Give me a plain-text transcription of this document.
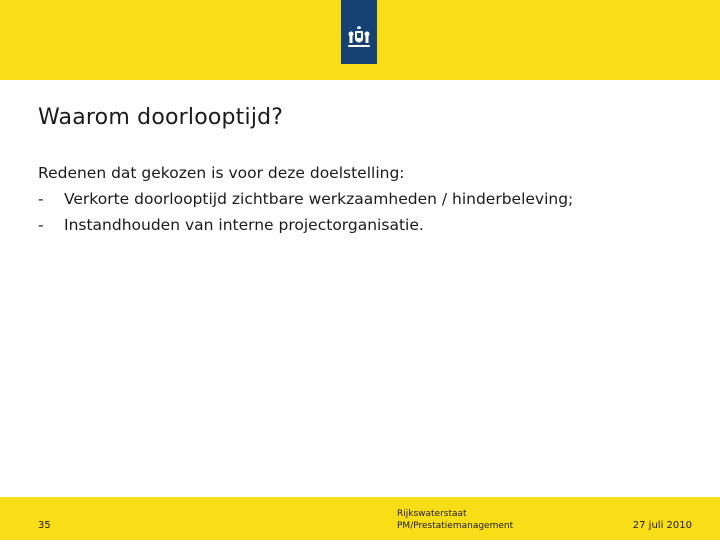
Waarom doorlooptijd?
Redenen dat gekozen is voor deze doelstelling:
-	Verkorte doorlooptijd zichtbare werkzaamheden / hinderbeleving;
-	Instandhouden van interne projectorganisatie.
35
Rijkswaterstaat
PM/Prestatiemanagement	27 juli 2010
